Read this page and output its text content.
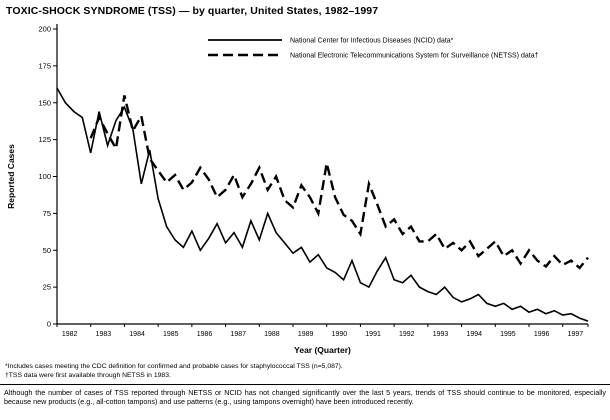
TOXIC-SHOCK SYNDROME (TSS) — by quarter, United States, 1982–1997
0
25
50
75
100
125
150
175
200
1982	1983	1984	1985	1986	1987	1988	1989	1990	1991	1992	1993	1994	1995	1996	1997
Reported Cases
Year (Quarter)
National Center for Infectious Diseases (NCID) data*
National Electronic Telecommunications System for Surveillance (NETSS) data†
*Includes cases meeting the CDC definition for confirmed and probable cases for staphylococcal TSS (n=5,087).
†TSS data were first available through NETSS in 1983.
Although the number of cases of TSS reported through NETSS or NCID has not changed significantly over the last 5 years, trends of TSS should continue to be monitored, especially because new products (e.g., all-cotton tampons) and use patterns (e.g., using tampons overnight) have been introduced recently.
